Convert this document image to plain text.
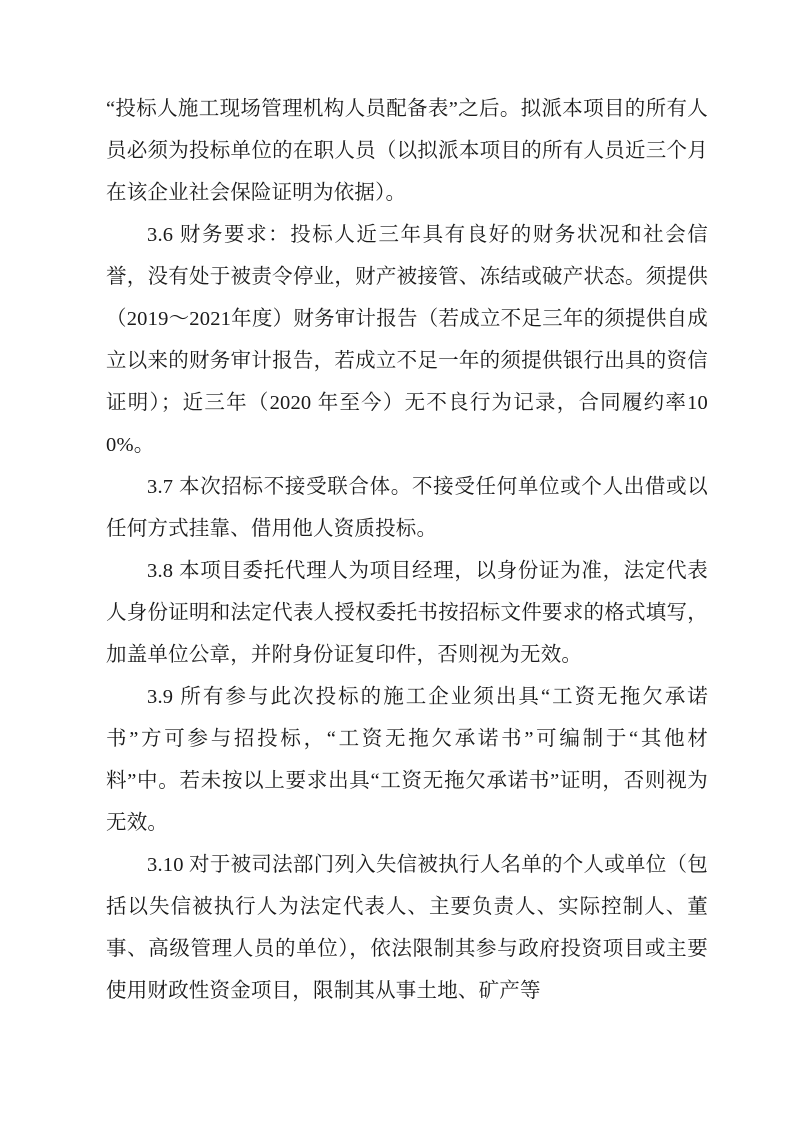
“投标人施工现场管理机构人员配备表”之后。拟派本项目的所有人员必须为投标单位的在职人员（以拟派本项目的所有人员近三个月在该企业社会保险证明为依据）。

3.6 财务要求：投标人近三年具有良好的财务状况和社会信誉，没有处于被责令停业，财产被接管、冻结或破产状态。须提供（2019～2021年度）财务审计报告（若成立不足三年的须提供自成立以来的财务审计报告，若成立不足一年的须提供银行出具的资信证明）；近三年（2020 年至今）无不良行为记录，合同履约率100%。

3.7 本次招标不接受联合体。不接受任何单位或个人出借或以任何方式挂靠、借用他人资质投标。

3.8 本项目委托代理人为项目经理，以身份证为准，法定代表人身份证明和法定代表人授权委托书按招标文件要求的格式填写，加盖单位公章，并附身份证复印件，否则视为无效。

3.9 所有参与此次投标的施工企业须出具“工资无拖欠承诺书”方可参与招投标，“工资无拖欠承诺书”可编制于“其他材料”中。若未按以上要求出具“工资无拖欠承诺书”证明，否则视为无效。

3.10 对于被司法部门列入失信被执行人名单的个人或单位（包括以失信被执行人为法定代表人、主要负责人、实际控制人、董事、高级管理人员的单位），依法限制其参与政府投资项目或主要使用财政性资金项目，限制其从事土地、矿产等
